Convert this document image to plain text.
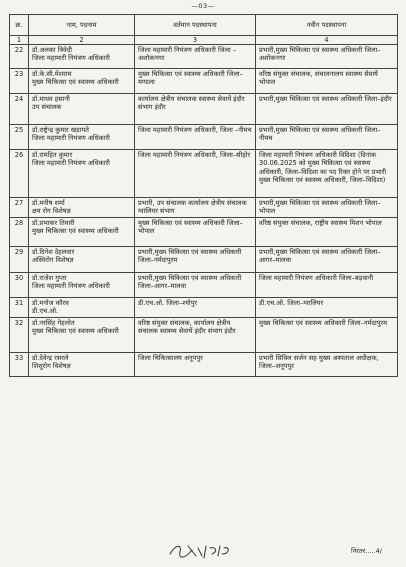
—03—
क्र.	नाम, पदनाम	वर्तमान पदस्थापना	नवीन पदस्थापना
1	2	3	4
22	डॉ.अलका त्रिवेदी
जिला महामारी नियंत्रण अधिकारी	जिला महामारी नियंत्रण अधिकारी जिला –अशोकनगर	प्रभारी,मुख्य चिकित्सा एवं स्वास्थ्य अधिकारी जिला–अशोकनगर
23	डॉ.के.सी.मेशराम
मुख्य चिकित्सा एवं स्वास्थ्य अधिकारी	मुख्य चिकित्सा एवं स्वास्थ्य अधिकारी जिला–मण्डला	वरिष्ठ संयुक्त संचालक, संचालनालय स्वास्थ्य सेवायें भोपाल
24	डॉ.माधव हसानी
उप संचालक	कार्यालय क्षेत्रीय संचालक स्वास्थ्य सेवायें इंदौर संभाग इंदौर	प्रभारी,मुख्य चिकित्सा एवं स्वास्थ्य अधिकारी जिला–इंदौर
25	डॉ.राष्ट्रेन्द्र कुमार खड़ायते
जिला महामारी नियंत्रण अधिकारी	जिला महामारी नियंत्रण अधिकारी, जिला –नीमच	प्रभारी,मुख्य चिकित्सा एवं स्वास्थ्य अधिकारी जिला–नीमच
26	डॉ.रामहित कुमार
जिला महामारी नियंत्रण अधिकारी	जिला महामारी नियंत्रण अधिकारी, जिला–सीहोर	जिला महामारी नियंत्रण अधिकारी विदिशा (दिनांक 30.06.2025 को मुख्य चिकित्सा एवं स्वास्थ्य अधिकारी, जिला–विदिशा का पद रिक्त होने पर प्रभारी मुख्य चिकित्सा एवं स्वास्थ्य अधिकारी, जिला–विदिशा)
27	डॉ.मनीष शर्मा
क्षय रोग विशेषज्ञ	प्रभारी, उप संचालक कार्यालय क्षेत्रीय संचालक ग्वालियर संभाग	प्रभारी,मुख्य चिकित्सा एवं स्वास्थ्य अधिकारी जिला–भोपाल
28	डॉ.प्रभाकर तिवारी
मुख्य चिकित्सा एवं स्वास्थ्य अधिकारी	मुख्य चिकित्सा एवं स्वास्थ्य अधिकारी जिला–भोपाल	वरिष्ठ संयुक्त संचालक, राष्ट्रीय स्वास्थ्य मिशन भोपाल
29	डॉ.दिनेश देहलवार
अस्थिरोग विशेषज्ञ	प्रभारी,मुख्य चिकित्सा एवं स्वास्थ्य अधिकारी जिला–नर्मदापुरम	प्रभारी,मुख्य चिकित्सा एवं स्वास्थ्य अधिकारी जिला–आगर–मालवा
30	डॉ.राजेश गुप्ता
जिला महामारी नियंत्रण अधिकारी	प्रभारी,मुख्य चिकित्सा एवं स्वास्थ्य अधिकारी जिला–आगर–मालवा	जिला महामारी नियंत्रण अधिकारी जिला–बड़वानी
31	डॉ.मनोज कौरव
डी.एच.ओ.	डी.एच.ओ. जिला–श्योपुर	डी.एच.ओ. जिला–ग्वालियर
32	डॉ.नरसिंह गेहलोत
मुख्य चिकित्सा एवं स्वास्थ्य अधिकारी	वरिष्ठ संयुक्त संचालक, कार्यालय क्षेत्रीय संचालक स्वास्थ्य सेवायें इंदौर संभाग इंदौर	मुख्य चिकित्सा एवं स्वास्थ्य अधिकारी जिला–नर्मदापुरम
33	डॉ.देवेन्द्र रसरले
शिशुरोग विशेषज्ञ	जिला चिकित्सालय अनूपपुर	प्रभारी सिविल सर्जन सह मुख्य अस्पताल अधीक्षक, जिला–अनूपपुर
निरंतर.....4/
